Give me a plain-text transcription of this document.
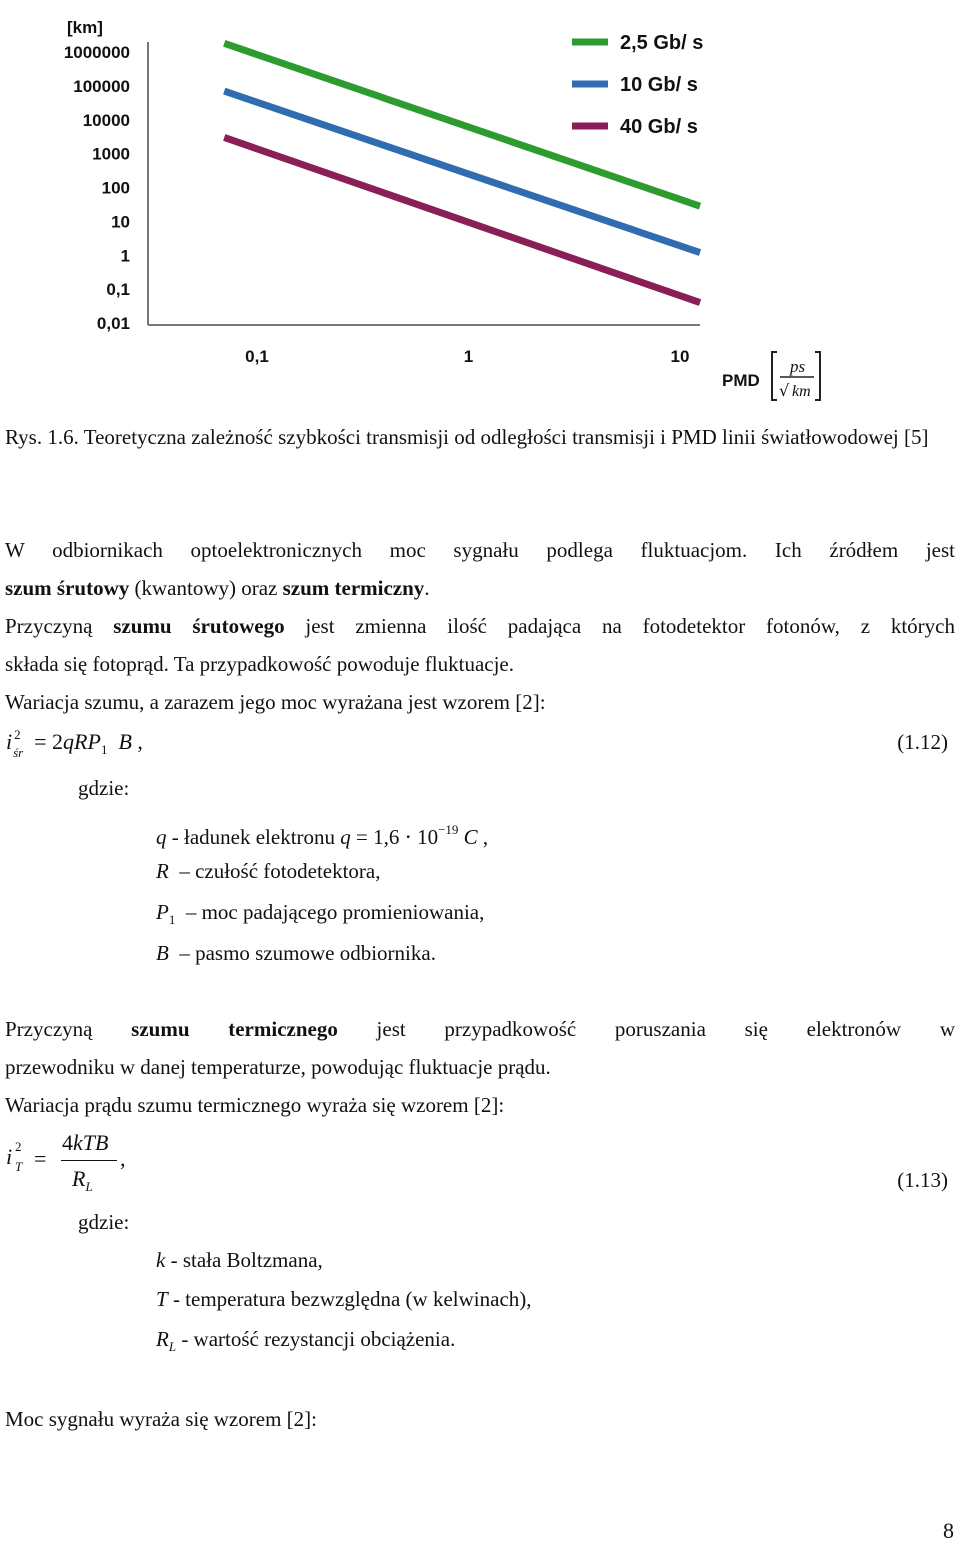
[km]
1000000
100000
10000
1000
100
10
1
0,1
0,01
0,1	1	10
2,5 Gb/ s
10 Gb/ s
40 Gb/ s
PMD
ps
√ km
Rys. 1.6. Teoretyczna zależność szybkości transmisji od odległości transmisji i PMD linii światłowodowej [5]
W odbiornikach optoelektronicznych moc sygnału podlega fluktuacjom. Ich źródłem jest
szum śrutowy (kwantowy) oraz szum termiczny.
Przyczyną szumu śrutowego jest zmienna ilość padająca na fotodetektor fotonów, z których
składa się fotoprąd. Ta przypadkowość powoduje fluktuacje.
Wariacja szumu, a zarazem jego moc wyrażana jest wzorem [2]:
i 2
śr = 2qRP$_1$ B ,	(1.12)
gdzie:
q - ładunek elektronu $q = 1,6 \cdot 10^{-19}$ C ,
R  – czułość fotodetektora,
$P_1$  – moc padającego promieniowania,
B  – pasmo szumowe odbiornika.
Przyczyną szumu termicznego jest przypadkowość poruszania się elektronów w
przewodniku w danej temperaturze, powodując fluktuacje prądu.
Wariacja prądu szumu termicznego wyraża się wzorem [2]:
i 2
T =
4kTB
$R_L$
,
(1.13)
gdzie:
k - stała Boltzmana,
T - temperatura bezwzględna (w kelwinach),
$R_L$ - wartość rezystancji obciążenia.
Moc sygnału wyraża się wzorem [2]:
8
